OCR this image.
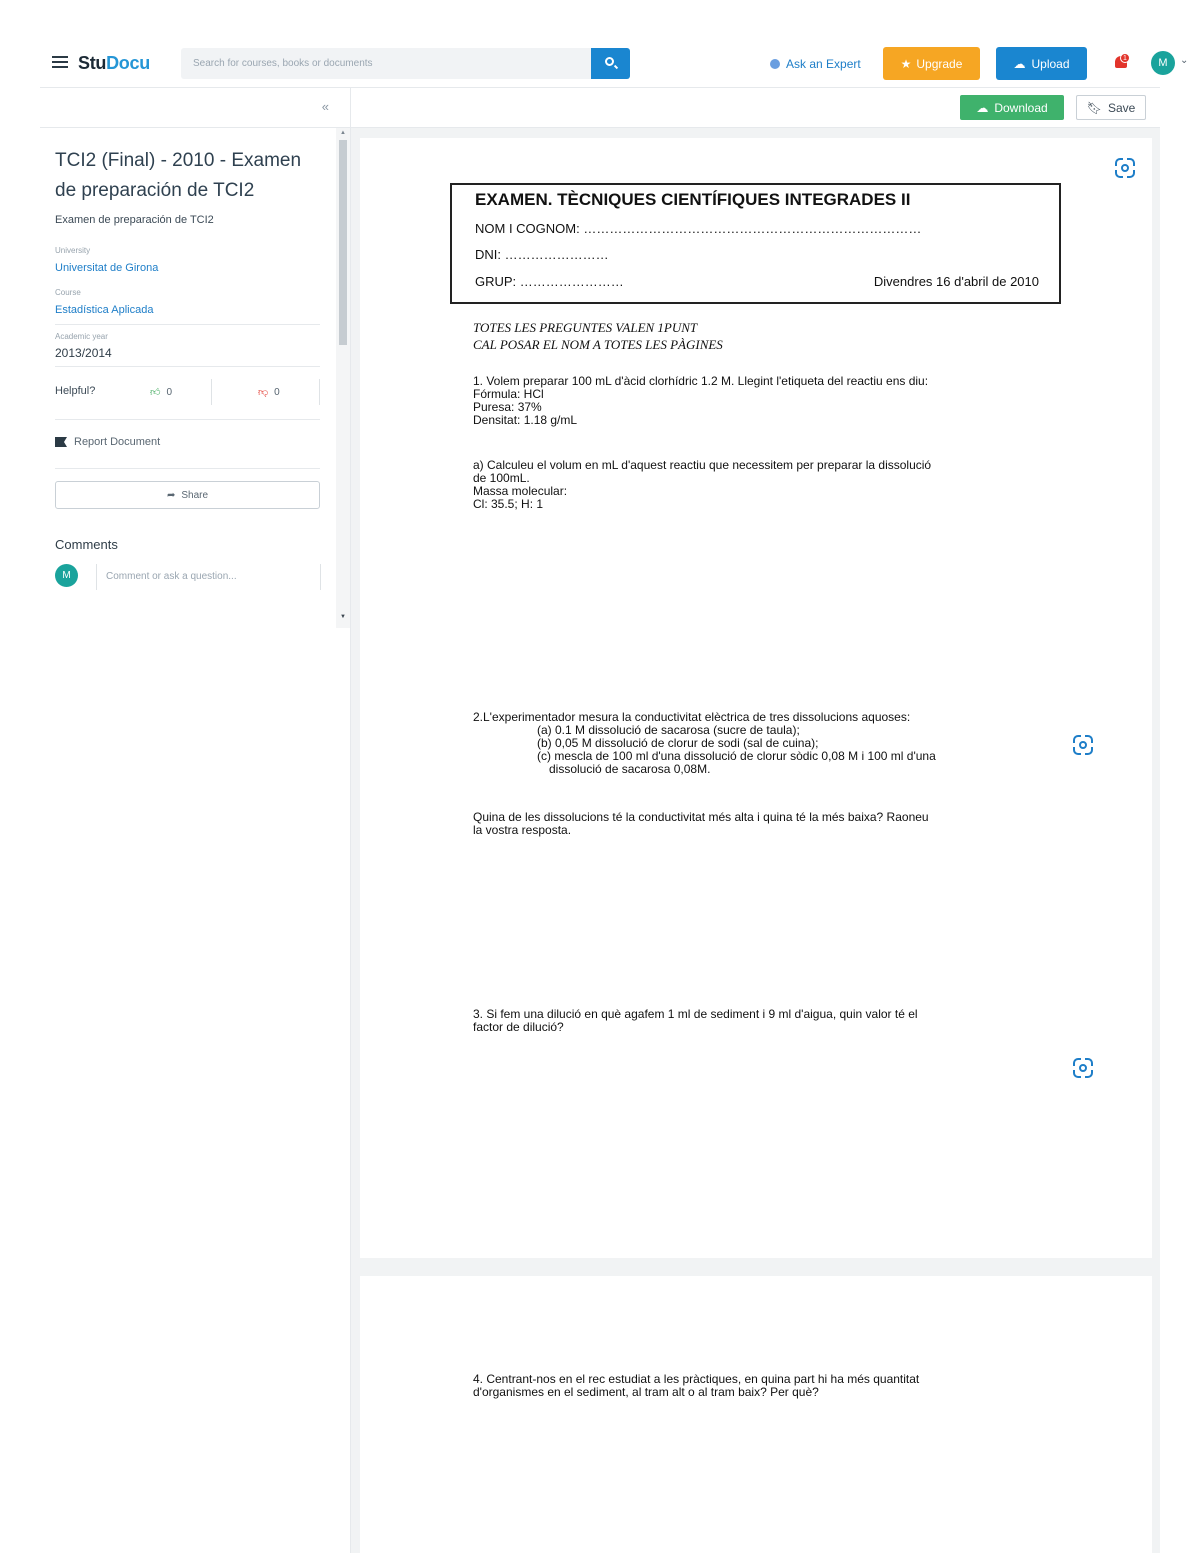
StuDocu
Search for courses, books or documents	Ask an Expert	★ Upgrade	☁ Upload	1	M	⌄
«
▲
▼
TCI2 (Final) - 2010 - Examen de preparación de TCI2
Examen de preparación de TCI2
University
Universitat de Girona
Course
Estadística Aplicada
Academic year
2013/2014
Helpful?	👍︎ 0	👎︎ 0
Report Document
➦ Share
Comments
M	Comment or ask a question...
☁ Download	🔖︎ Save
EXAMEN. TÈCNIQUES CIENTÍFIQUES INTEGRADES II
NOM I COGNOM: ……………………………………………………………………
DNI: ……………………
GRUP: ……………………	Divendres 16 d'abril de 2010
TOTES LES PREGUNTES VALEN 1PUNT
CAL POSAR EL NOM A TOTES LES PÀGINES
1. Volem preparar 100 mL d'àcid clorhídric 1.2 M. Llegint l'etiqueta del reactiu ens diu:
Fórmula: HCl
Puresa: 37%
Densitat: 1.18 g/mL
a) Calculeu el volum en mL d'aquest reactiu que necessitem per preparar la dissolució
de 100mL.
Massa molecular:
Cl: 35.5; H: 1
2.L'experimentador mesura la conductivitat elèctrica de tres dissolucions aquoses:
(a) 0.1 M dissolució de sacarosa (sucre de taula);
(b) 0,05 M dissolució de clorur de sodi (sal de cuina);
(c) mescla de 100 ml d'una dissolució de clorur sòdic 0,08 M i 100 ml d'una
dissolució de sacarosa 0,08M.
Quina de les dissolucions té la conductivitat més alta i quina té la més baixa? Raoneu
la vostra resposta.
3. Si fem una dilució en què agafem 1 ml de sediment i 9 ml d'aigua, quin valor té el
factor de dilució?
4. Centrant-nos en el rec estudiat a les pràctiques, en quina part hi ha més quantitat
d'organismes en el sediment, al tram alt o al tram baix? Per què?
